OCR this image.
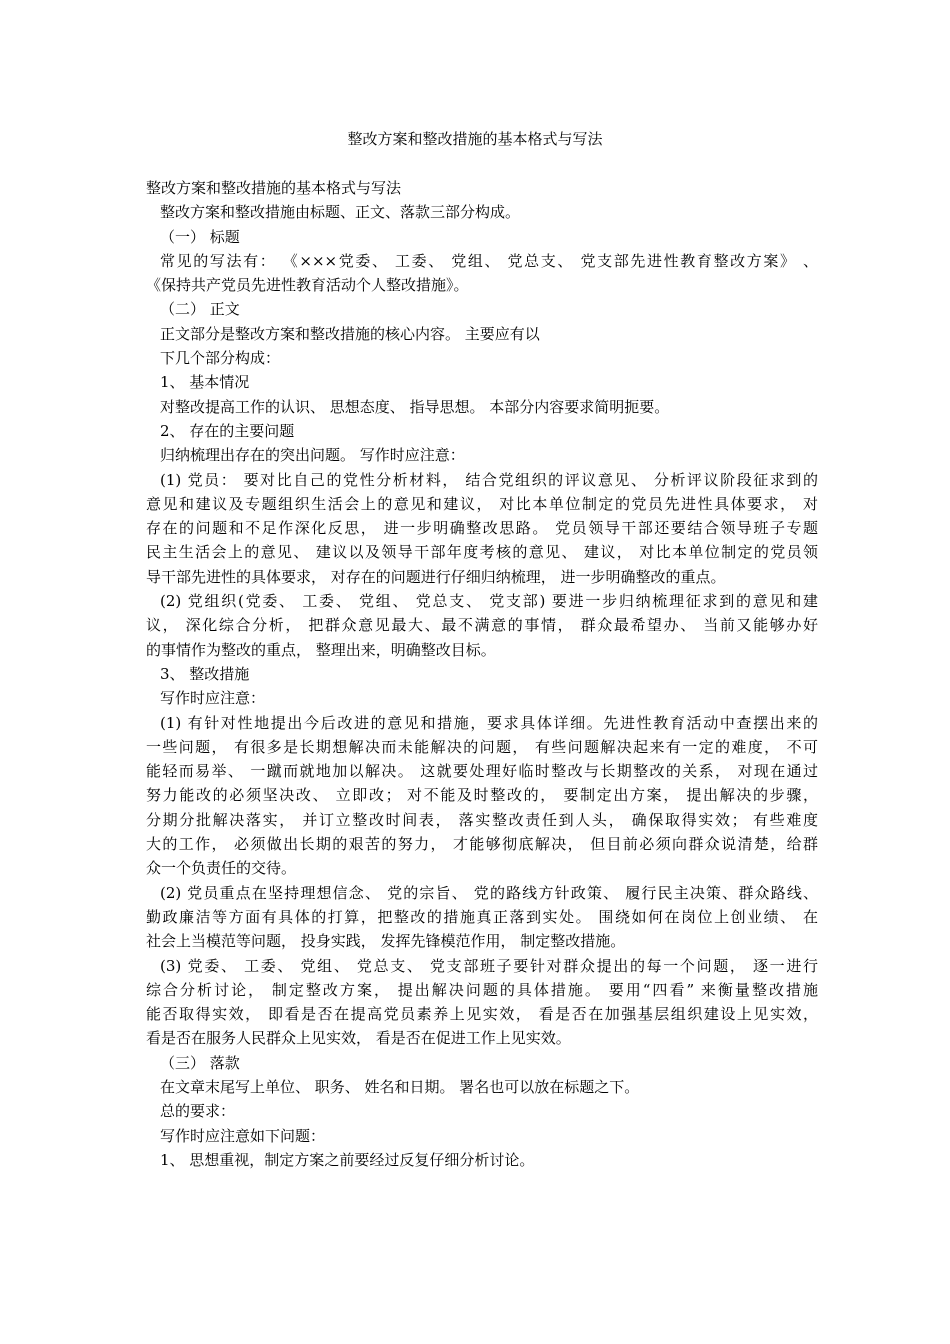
整改方案和整改措施的基本格式与写法
整改方案和整改措施的基本格式与写法
整改方案和整改措施由标题、正文、落款三部分构成。
（一） 标题
常见的写法有： 《×××党委、 工委、 党组、 党总支、 党支部先进性教育整改方案》 、
《保持共产党员先进性教育活动个人整改措施》。
（二） 正文
正文部分是整改方案和整改措施的核心内容。 主要应有以
下几个部分构成：
1、 基本情况
对整改提高工作的认识、 思想态度、 指导思想。 本部分内容要求简明扼要。
2、 存在的主要问题
归纳梳理出存在的突出问题。 写作时应注意：
(1) 党员： 要对比自己的党性分析材料， 结合党组织的评议意见、 分析评议阶段征求到的
意见和建议及专题组织生活会上的意见和建议， 对比本单位制定的党员先进性具体要求， 对
存在的问题和不足作深化反思， 进一步明确整改思路。 党员领导干部还要结合领导班子专题
民主生活会上的意见、 建议以及领导干部年度考核的意见、 建议， 对比本单位制定的党员领
导干部先进性的具体要求， 对存在的问题进行仔细归纳梳理， 进一步明确整改的重点。
(2) 党组织(党委、 工委、 党组、 党总支、 党支部) 要进一步归纳梳理征求到的意见和建
议， 深化综合分析， 把群众意见最大、最不满意的事情， 群众最希望办、 当前又能够办好
的事情作为整改的重点， 整理出来，明确整改目标。
3、 整改措施
写作时应注意：
(1) 有针对性地提出今后改进的意见和措施，要求具体详细。先进性教育活动中查摆出来的
一些问题， 有很多是长期想解决而未能解决的问题， 有些问题解决起来有一定的难度， 不可
能轻而易举、 一蹴而就地加以解决。 这就要处理好临时整改与长期整改的关系， 对现在通过
努力能改的必须坚决改、 立即改； 对不能及时整改的， 要制定出方案， 提出解决的步骤，
分期分批解决落实， 并订立整改时间表， 落实整改责任到人头， 确保取得实效； 有些难度
大的工作， 必须做出长期的艰苦的努力， 才能够彻底解决， 但目前必须向群众说清楚，给群
众一个负责任的交待。
(2) 党员重点在坚持理想信念、 党的宗旨、 党的路线方针政策、 履行民主决策、群众路线、
勤政廉洁等方面有具体的打算，把整改的措施真正落到实处。 围绕如何在岗位上创业绩、 在
社会上当模范等问题， 投身实践， 发挥先锋模范作用， 制定整改措施。
(3) 党委、 工委、 党组、 党总支、 党支部班子要针对群众提出的每一个问题， 逐一进行
综合分析讨论， 制定整改方案， 提出解决问题的具体措施。 要用“四看” 来衡量整改措施
能否取得实效， 即看是否在提高党员素养上见实效， 看是否在加强基层组织建设上见实效，
看是否在服务人民群众上见实效， 看是否在促进工作上见实效。
（三） 落款
在文章末尾写上单位、 职务、 姓名和日期。 署名也可以放在标题之下。
总的要求：
写作时应注意如下问题：
1、 思想重视，制定方案之前要经过反复仔细分析讨论。
